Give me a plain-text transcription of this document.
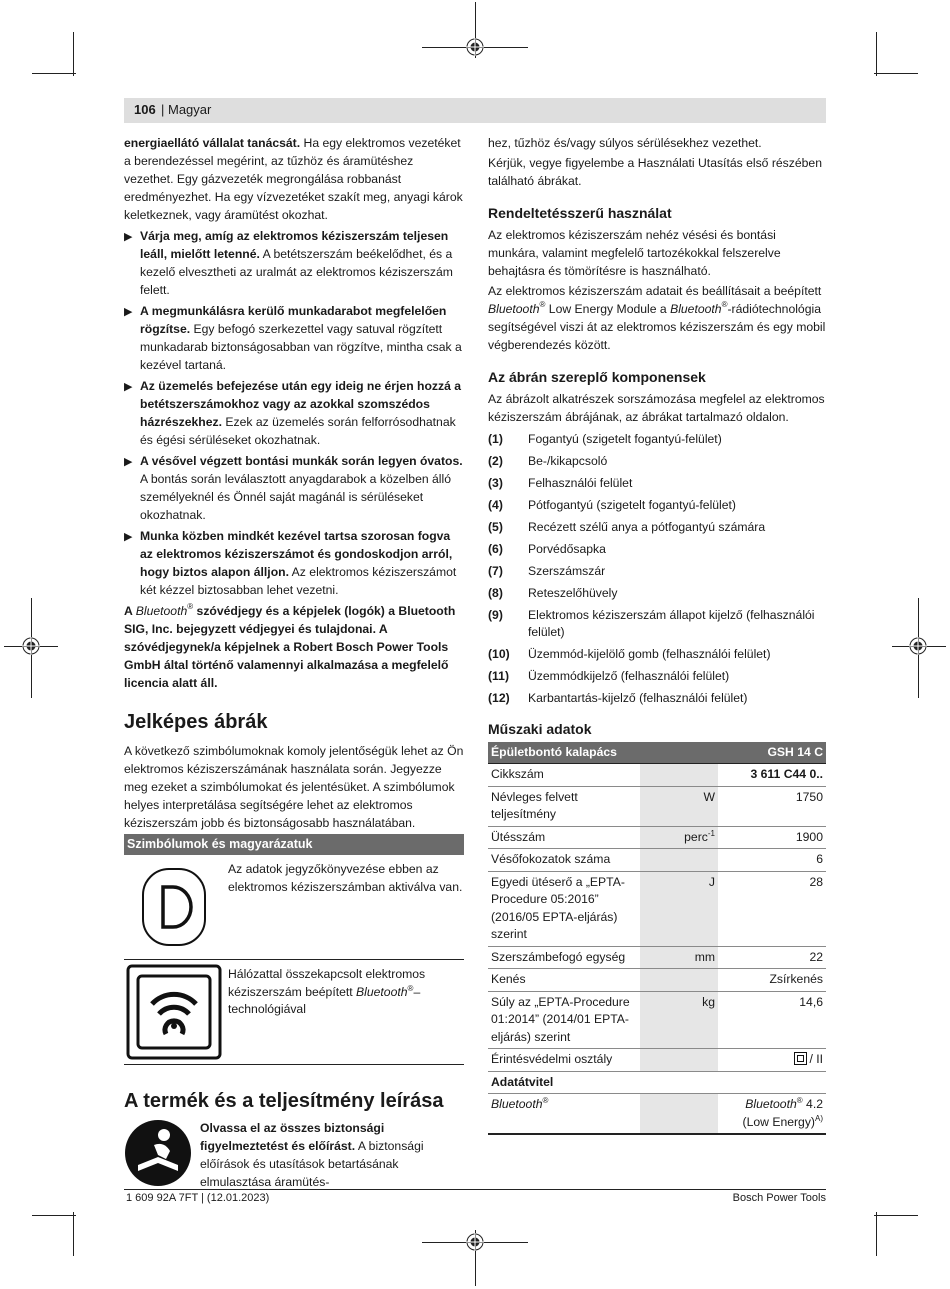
106 | Magyar

energiaellátó vállalat tanácsát. Ha egy elektromos vezetéket a berendezéssel megérint, az tűzhöz és áramütéshez vezethet. Egy gázvezeték megrongálása robbanást eredményezhet. Ha egy vízvezetéket szakít meg, anyagi károk keletkeznek, vagy áramütést okozhat.

▶ Várja meg, amíg az elektromos kéziszerszám teljesen leáll, mielőtt letenné. A betétszerszám beékelődhet, és a kezelő elvesztheti az uralmát az elektromos kéziszerszám felett.
▶ A megmunkálásra kerülő munkadarabot megfelelően rögzítse. Egy befogó szerkezettel vagy satuval rögzített munkadarab biztonságosabban van rögzítve, mintha csak a kezével tartaná.
▶ Az üzemelés befejezése után egy ideig ne érjen hozzá a betétszerszámokhoz vagy az azokkal szomszédos házrészekhez. Ezek az üzemelés során felforrósodhatnak és égési sérüléseket okozhatnak.
▶ A vésővel végzett bontási munkák során legyen óvatos. A bontás során leválasztott anyagdarabok a közelben álló személyeknél és Önnél saját magánál is sérüléseket okozhatnak.
▶ Munka közben mindkét kezével tartsa szorosan fogva az elektromos kéziszerszámot és gondoskodjon arról, hogy biztos alapon álljon. Az elektromos kéziszerszámot két kézzel biztosabban lehet vezetni.

A Bluetooth® szóvédjegy és a képjelek (logók) a Bluetooth SIG, Inc. bejegyzett védjegyei és tulajdonai. A szóvédjegynek/a képjelnek a Robert Bosch Power Tools GmbH által történő valamennyi alkalmazása a megfelelő licencia alatt áll.

Jelképes ábrák

A következő szimbólumoknak komoly jelentőségük lehet az Ön elektromos kéziszerszámának használata során. Jegyezze meg ezeket a szimbólumokat és jelentésüket. A szimbólumok helyes interpretálása segítségére lehet az elektromos kéziszerszám jobb és biztonságosabb használatában.

Szimbólumok és magyarázatuk
Az adatok jegyzőkönyvezése ebben az elektromos kéziszerszámban aktiválva van.
Hálózattal összekapcsolt elektromos kéziszerszám beépített Bluetooth®–technológiával
A termék és a teljesítmény leírása

Olvassa el az összes biztonsági figyelmeztetést és előírást. A biztonsági előírások és utasítások betartásának elmulasztása áramütés-

hez, tűzhöz és/vagy súlyos sérülésekhez vezethet.

Kérjük, vegye figyelembe a Használati Utasítás első részében található ábrákat.

Rendeltetésszerű használat

Az elektromos kéziszerszám nehéz vésési és bontási munkára, valamint megfelelő tartozékokkal felszerelve behajtásra és tömörítésre is használható.

Az elektromos kéziszerszám adatait és beállításait a beépített Bluetooth® Low Energy Module a Bluetooth®-rádiótechnológia segítségével viszi át az elektromos kéziszerszám és egy mobil végberendezés között.

Az ábrán szereplő komponensek

Az ábrázolt alkatrészek sorszámozása megfelel az elektromos kéziszerszám ábrájának, az ábrákat tartalmazó oldalon.

(1)	Fogantyú (szigetelt fogantyú-felület)
(2)	Be-/kikapcsoló
(3)	Felhasználói felület
(4)	Pótfogantyú (szigetelt fogantyú-felület)
(5)	Recézett szélű anya a pótfogantyú számára
(6)	Porvédősapka
(7)	Szerszámszár
(8)	Reteszelőhüvely
(9)	Elektromos kéziszerszám állapot kijelző (felhasználói felület)
(10)	Üzemmód-kijelölő gomb (felhasználói felület)
(11)	Üzemmódkijelző (felhasználói felület)
(12)	Karbantartás-kijelző (felhasználói felület)
Műszaki adatok
Épületbontó kalapács		GSH 14 C
Cikkszám		3 611 C44 0..
Névleges felvett teljesítmény	W	1750
Ütésszám	perc$^{-1}$	1900
Vésőfokozatok száma		6
Egyedi ütéserő a „EPTA-Procedure 05:2016” (2016/05 EPTA-eljárás) szerint	J	28
Szerszámbefogó egység	mm	22
Kenés		Zsírkenés
Súly az „EPTA-Procedure 01:2014” (2014/01 EPTA-eljárás) szerint	kg	14,6
Érintésvédelmi osztály		/ II
Adatátvitel		
Bluetooth®		Bluetooth® 4.2
(Low Energy)$^{A)}$
1 609 92A 7FT | (12.01.2023)	Bosch Power Tools
